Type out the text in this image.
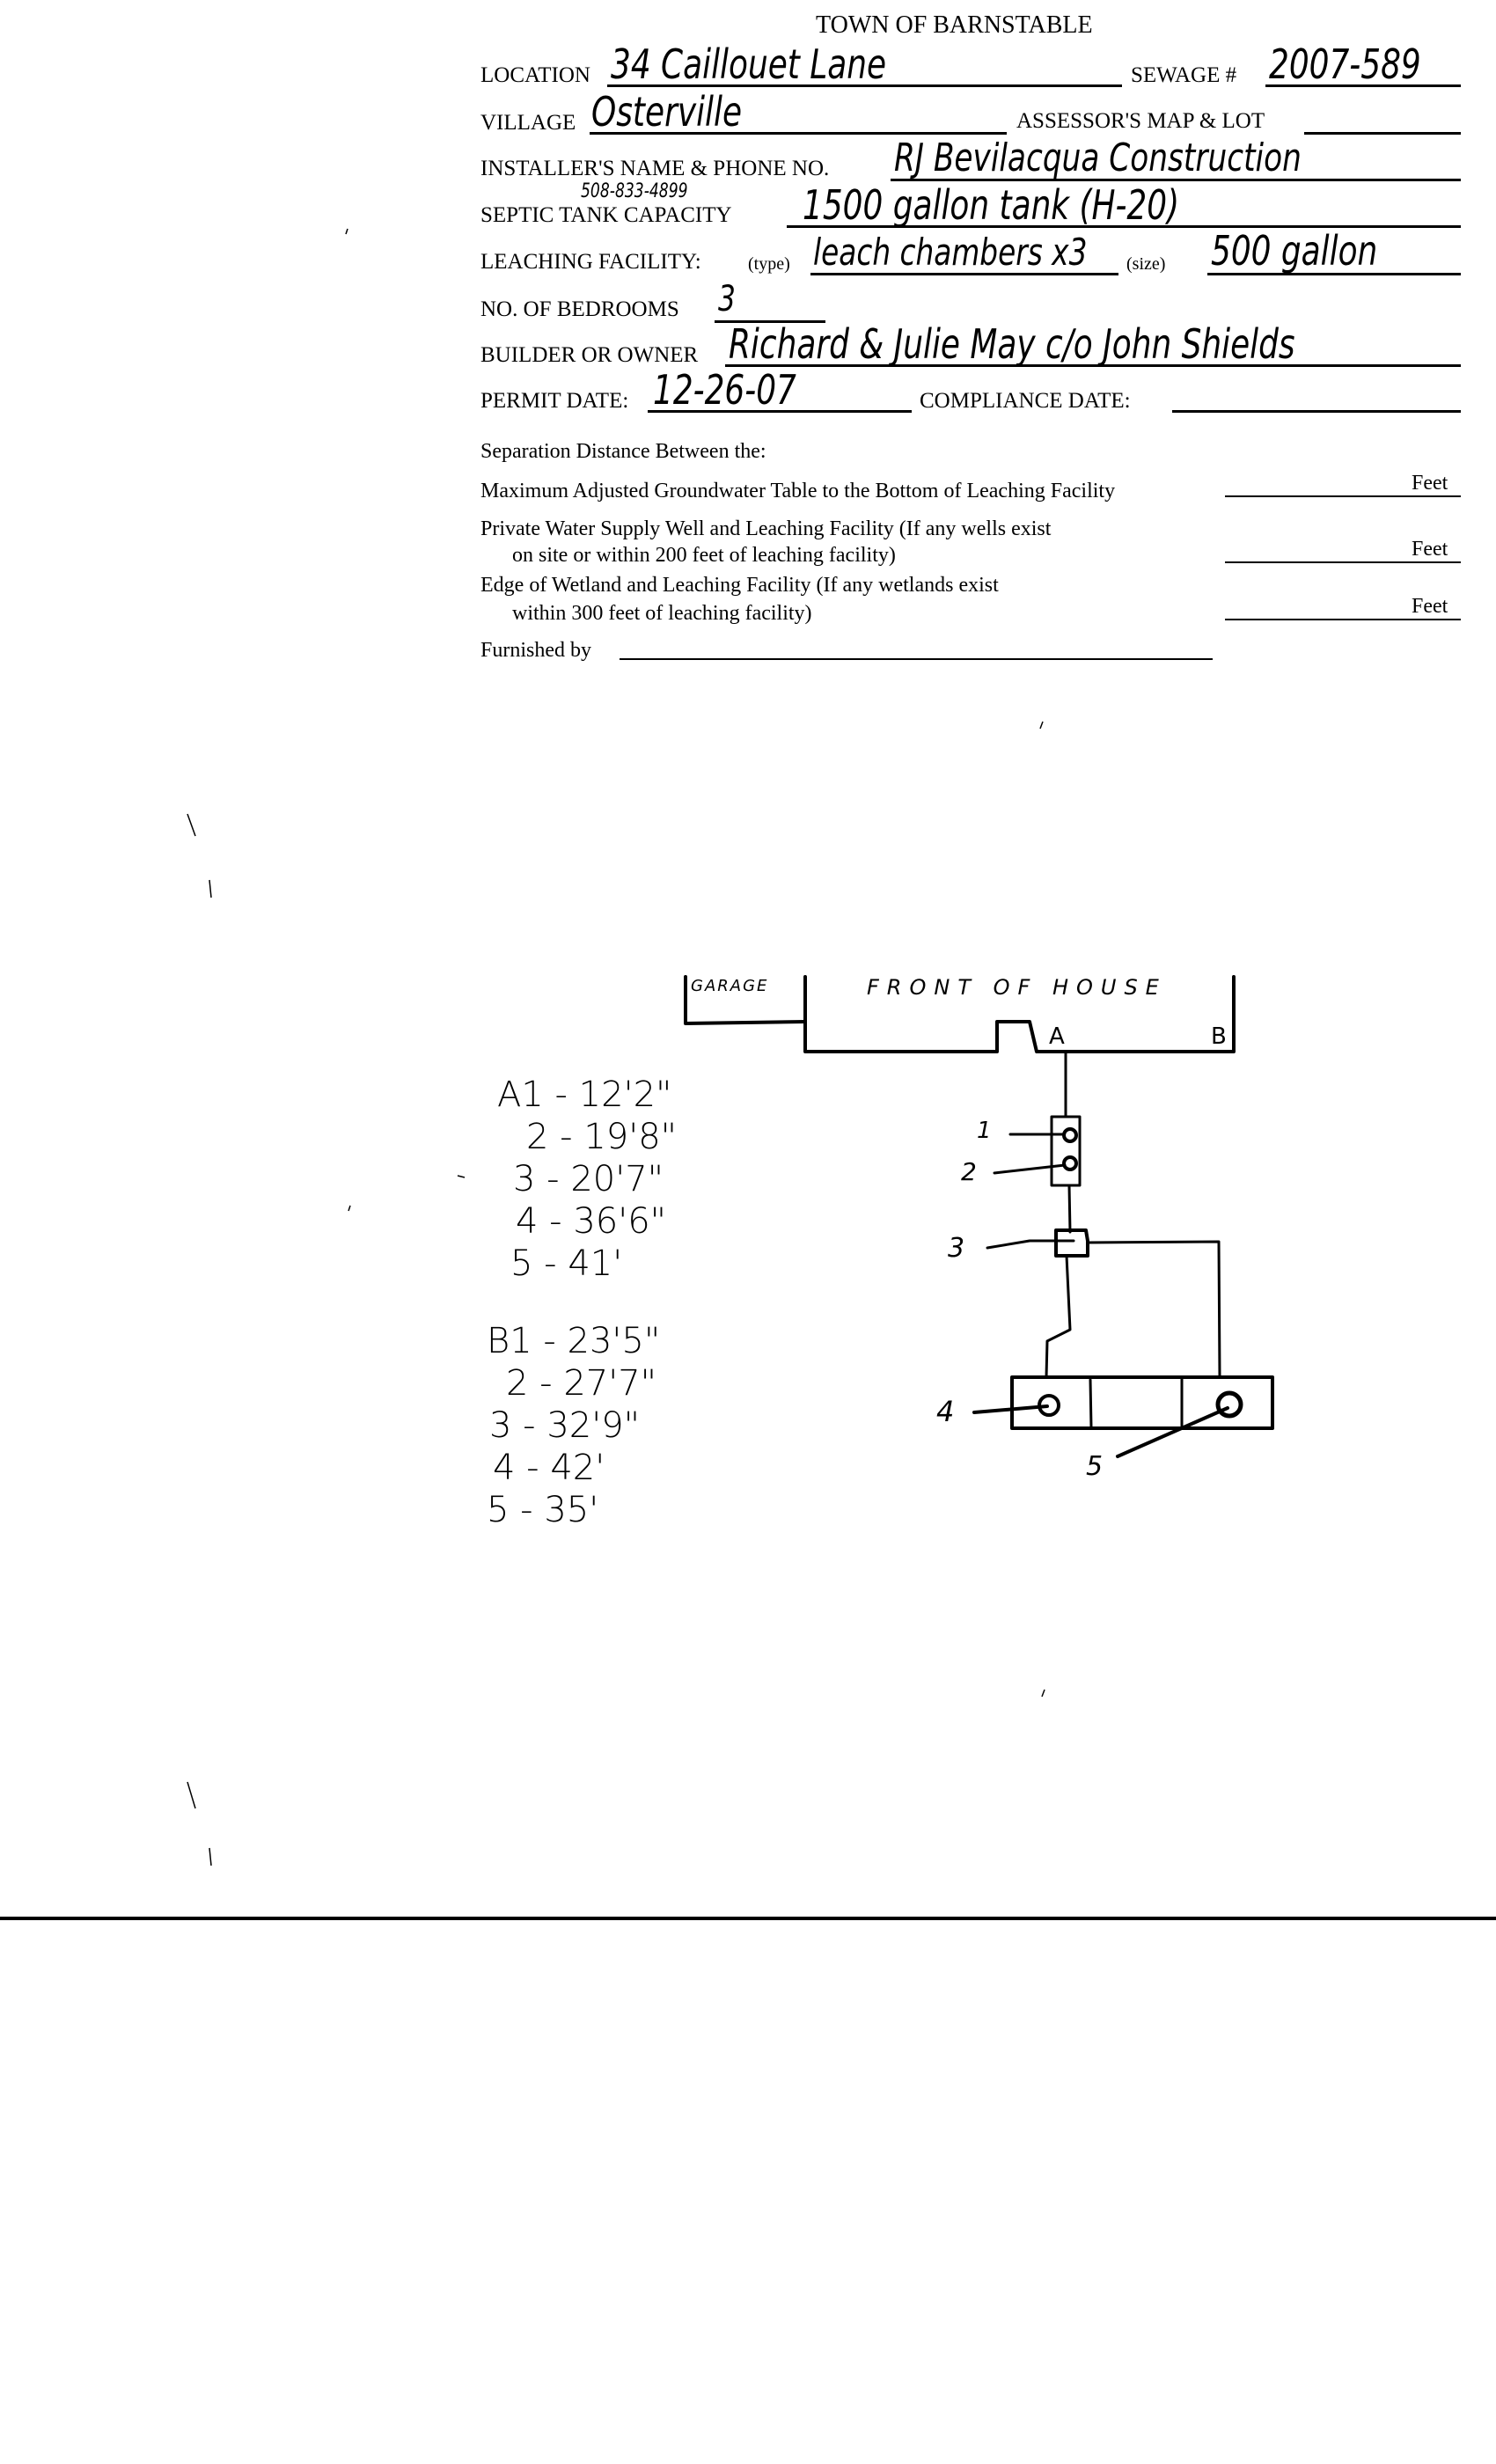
TOWN OF BARNSTABLE
LOCATION 34 Caillouet Lane	SEWAGE # 2007-589
VILLAGE Osterville	ASSESSOR'S MAP & LOT
INSTALLER'S NAME & PHONE NO. RJ Bevilacqua Construction
508-833-4899
SEPTIC TANK CAPACITY 1500 gallon tank (H-20)
LEACHING FACILITY:	(type) leach chambers x3 (size) 500 gallon
NO. OF BEDROOMS 3
BUILDER OR OWNER Richard & Julie May c/o John Shields
PERMIT DATE: 12-26-07	COMPLIANCE DATE:
Separation Distance Between the:
Maximum Adjusted Groundwater Table to the Bottom of Leaching Facility	Feet
Private Water Supply Well and Leaching Facility (If any wells exist
on site or within 200 feet of leaching facility)	Feet
Edge of Wetland and Leaching Facility (If any wetlands exist
within 300 feet of leaching facility)	Feet
Furnished by
GARAGE	FRONT OF HOUSE
A	B
1
2
3
4
5
A1 - 12'2"
2 - 19'8"
3 - 20'7"
4 - 36'6"
5 - 41'
B1 - 23'5"
2 - 27'7"
3 - 32'9"
4 - 42'
5 - 35'
